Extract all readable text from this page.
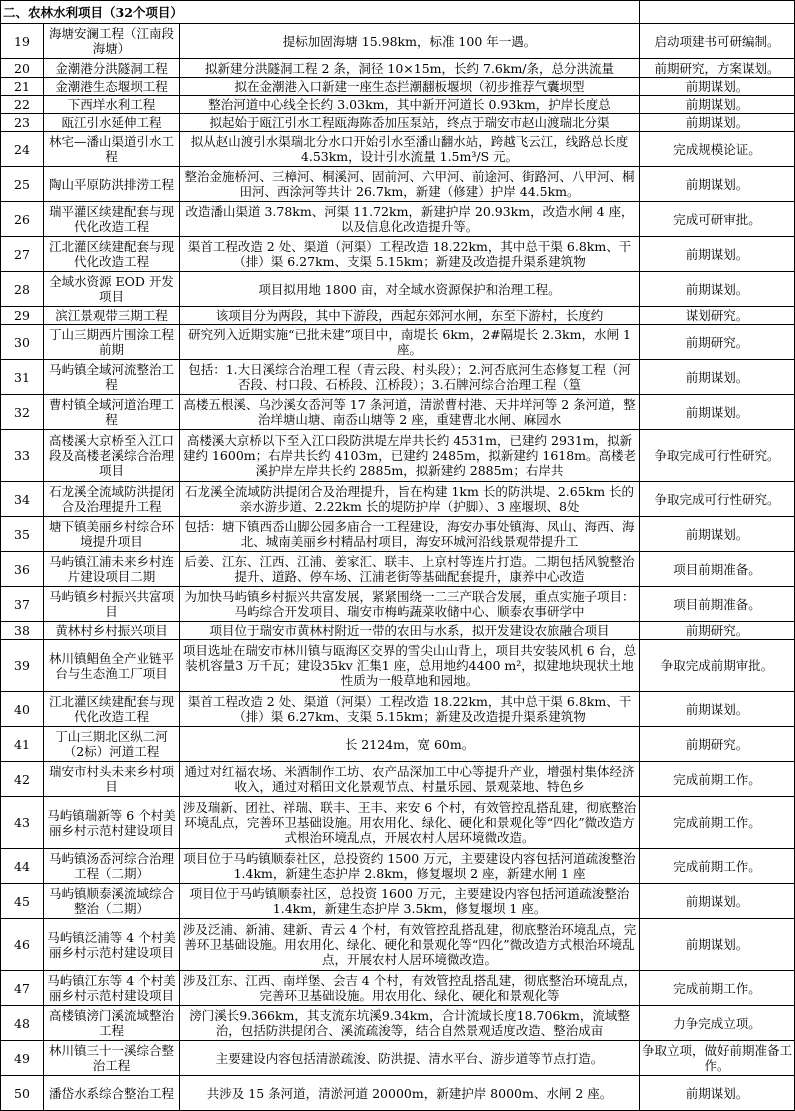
二、农林水利项目（32个项目）			

19	海塘安澜工程（江南段海塘）	提标加固海塘 15.98km，标准 100 年一遇。	启动项建书可研编制。

20	金潮港分洪隧洞工程	拟新建分洪隧洞工程 2 条，洞径 10×15m，长约 7.6km/条，总分洪流量	前期研究，方案谋划。

21	金潮港生态堰坝工程	拟在金潮港入口新建一座生态拦潮翻板堰坝（初步推荐气囊坝型	前期谋划。

22	下西垟水利工程	整治河道中心线全长约 3.03km，其中新开河道长 0.93km，护岸长度总	前期谋划。

23	瓯江引水延伸工程	拟起始于瓯江引水工程瓯海陈岙加压泵站，终点于瑞安市赵山渡瑞北分渠	前期谋划。

24	林宅—潘山渠道引水工程	拟从赵山渡引水渠瑞北分水口开始引水至潘山翻水站，跨越飞云江，线路总长度 4.53km，设计引水流量 1.5m³/S 元。	完成规模论证。

25	陶山平原防洪排涝工程	整治金施桥河、三樟河、桐溪河、固前河、六甲河、前途河、街路河、八甲河、桐田河、西涂河等共计 26.7km，新建（修建）护岸 44.5km。	前期谋划。

26	瑞平灌区续建配套与现代化改造工程	改造潘山渠道 3.78km、河渠 11.72km，新建护岸 20.93km，改造水闸 4 座，以及信息化改造提升等。	完成可研审批。

27	江北灌区续建配套与现代化改造工程	渠首工程改造 2 处、渠道（河渠）工程改造 18.22km，其中总干渠 6.8km、干（排）渠 6.27km、支渠 5.15km；新建及改造提升渠系建筑物	前期谋划。

28	全域水资源 EOD 开发项目	项目拟用地 1800 亩，对全域水资源保护和治理工程。	前期谋划。

29	滨江景观带三期工程	该项目分为两段，其中下游段，西起东郊河水闸，东至下游村，长度约	谋划研究。

30	丁山三期西片围涂工程前期	研究列入近期实施“已批未建”项目中，南堤长 6km，2#隔堤长 2.3km，水闸 1 座。	前期研究。

31	马屿镇全域河流整治工程	包括：1.大日溪综合治理工程（青云段、村头段）；2.河否底河生态修复工程（河否段、村口段、石桥段、江桥段）；3.石牌河综合治理工程（篁	前期谋划。

32	曹村镇全域河道治理工程	高楼五根溪、乌沙溪女岙河等 17 条河道，清淤曹村港、天井垟河等 2 条河道，整治垟塘山塘、南岙山塘等 2 座，重建曹北水闸、麻园水	前期谋划。

33	高楼溪大京桥至入江口段及高楼老溪综合治理项目	高楼溪大京桥以下至入江口段防洪堤左岸共长约 4531m，已建约 2931m，拟新建约 1600m；右岸共长约 4103m，已建约 2485m，拟新建约 1618m。高楼老溪护岸左岸共长约 2885m，拟新建约 2885m；右岸共	争取完成可行性研究。

34	石龙溪全流域防洪提闭合及治理提升工程	石龙溪全流域防洪提闭合及治理提升，旨在构建 1km 长的防洪堤、2.65km 长的亲水游步道、2.22km 长的堤防护岸（护脚）、3 座堰坝、8处	争取完成可行性研究。

35	塘下镇美丽乡村综合环境提升项目	包括：塘下镇西岙山脚公园多庙合一工程建设，海安办事处镇海、凤山、海西、海北、城南美丽乡村精品村项目，海安环城河沿线景观带提升工	前期谋划。

36	马屿镇江浦未来乡村连片建设项目二期	后姜、江东、江西、江浦、姜家汇、联丰、上京村等连片打造。二期包括风貌整治提升、道路、停车场、江浦老街等基础配套提升，康养中心改造	项目前期准备。

37	马屿镇乡村振兴共富项目	为加快马屿镇乡村振兴共富发展，紧紧围绕一二三产联合发展，重点实施子项目：马屿综合开发项目、瑞安市梅屿蔬菜收储中心、顺泰农事研学中	项目前期准备。

38	黄林村乡村振兴项目	项目位于瑞安市黄林村附近一带的农田与水系，拟开发建设农旅融合项目	前期研究。

39	林川镇鲳鱼全产业链平台与生态渔工厂项目	项目选址在瑞安市林川镇与瓯海区交界的雪尖山山背上，项目共安装风机 6 台，总装机容量3 万千瓦；建设35kv 汇集1 座，总用地约4400 m²，拟建地块现状土地性质为一般草地和园地。	争取完成前期审批。

40	江北灌区续建配套与现代化改造工程	渠首工程改造 2 处、渠道（河渠）工程改造 18.22km，其中总干渠 6.8km、干（排）渠 6.27km、支渠 5.15km；新建及改造提升渠系建筑物	前期谋划。

41	丁山三期北区纵二河（2标）河道工程	长 2124m，宽 60m。	前期研究。

42	瑞安市村头未来乡村项目	通过对红福农场、米酒制作工坊、农产品深加工中心等提升产业，增强村集体经济收入，通过对稻田文化景观节点、村量乐园、景观菜地、特色乡	完成前期工作。

43	马屿镇瑞新等 6 个村美丽乡村示范村建设项目	涉及瑞新、团社、祥瑞、联丰、王丰、来安 6 个村，有效管控乱搭乱建，彻底整治环境乱点，完善环卫基础设施。用农用化、绿化、硬化和景观化等“四化”微改造方式根治环境乱点，开展农村人居环境微改造。	完成前期工作。

44	马屿镇汤岙河综合治理工程（二期）	项目位于马屿镇顺泰社区，总投资约 1500 万元，主要建设内容包括河道疏浚整治 1.4km，新建生态护岸 2.8km，修复堰坝 2 座，新建水闸 1 座	完成前期工作。

45	马屿镇顺泰溪流域综合整治（二期）	项目位于马屿镇顺泰社区，总投资 1600 万元，主要建设内容包括河道疏浚整治 1.4km，新建生态护岸 3.5km，修复堰坝 1 座。	前期谋划。

46	马屿镇泛浦等 4 个村美丽乡村示范村建设项目	涉及泛浦、新浦、建新、青云 4 个村，有效管控乱搭乱建，彻底整治环境乱点，完善环卫基础设施。用农用化、绿化、硬化和景观化等“四化”微改造方式根治环境乱点，开展农村人居环境微改造。	前期谋划。

47	马屿镇江东等 4 个村美丽乡村示范村建设项目	涉及江东、江西、南垟堡、会吉 4 个村，有效管控乱搭乱建，彻底整治环境乱点，完善环卫基础设施。用农用化、绿化、硬化和景观化等	完成前期工作。

48	高楼镇滂门溪流域整治工程	滂门溪长9.366km，其支流东坑溪9.34km，合计流域长度18.706km，流域整治，包括防洪提闭合、溪流疏浚等，结合自然景观适度改造、整治成亩	力争完成立项。

49	林川镇三十一溪综合整治工程	主要建设内容包括清淤疏浚、防洪提、清水平台、游步道等节点打造。	争取立项，做好前期准备工作。

50	潘岱水系综合整治工程	共涉及 15 条河道，清淤河道 20000m，新建护岸 8000m、水闸 2 座。	前期谋划。
